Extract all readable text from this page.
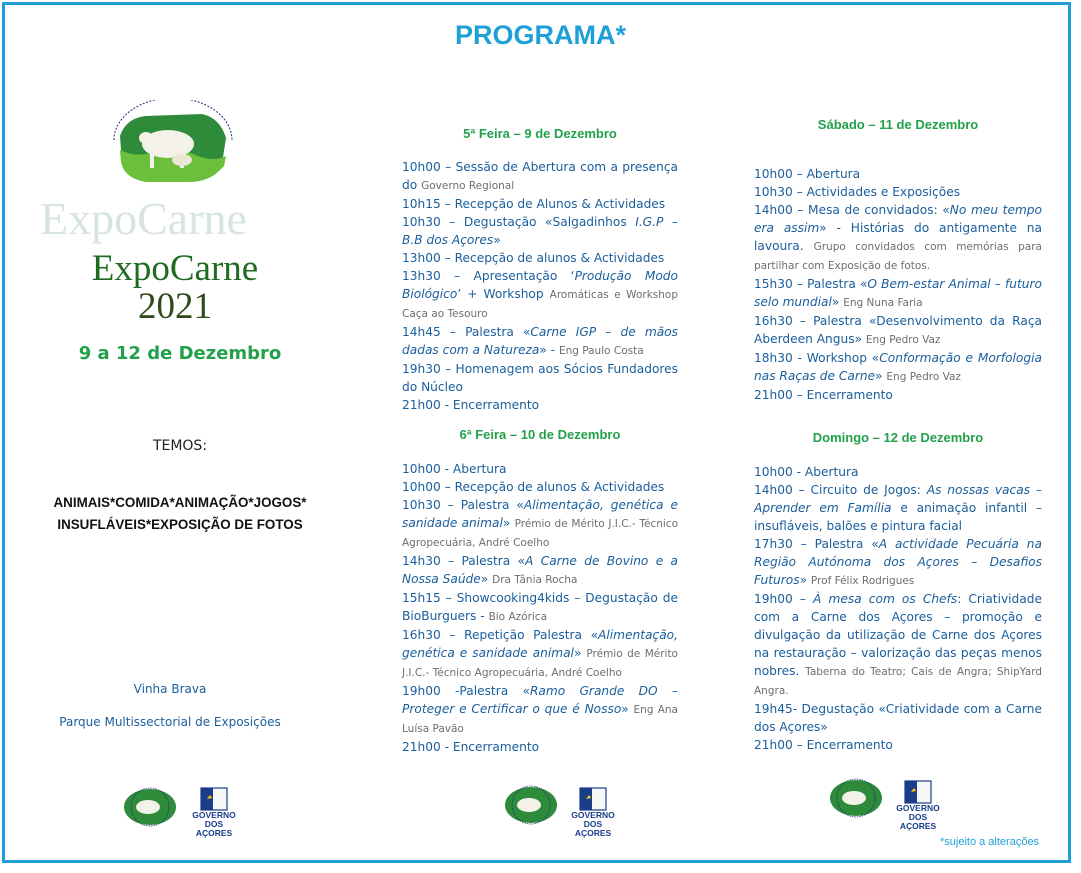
PROGRAMA*
ExpoCarne
ExpoCarne
2021
9 a 12 de Dezembro
TEMOS:
ANIMAIS*COMIDA*ANIMAÇÃO*JOGOS*
INSUFLÁVEIS*EXPOSIÇÃO DE FOTOS
Vinha Brava
Parque Multissectorial de Exposições
5ª Feira – 9 de Dezembro
10h00 – Sessão de Abertura com a presença do Governo Regional
10h15 – Recepção de Alunos & Actividades
10h30 – Degustação «Salgadinhos I.G.P – B.B dos Açores»
13h00 – Recepção de alunos & Actividades
13h30 – Apresentação ‘Produção Modo Biológico’ + Workshop Aromáticas e Workshop Caça ao Tesouro
14h45 – Palestra «Carne IGP – de mãos dadas com a Natureza» - Eng Paulo Costa
19h30 – Homenagem aos Sócios Fundadores do Núcleo
21h00 - Encerramento
6ª Feira – 10 de Dezembro
10h00 - Abertura
10h00 – Recepção de alunos & Actividades
10h30 – Palestra «Alimentação, genética e sanidade animal» Prémio de Mérito J.I.C.- Técnico Agropecuária, André Coelho
14h30 – Palestra «A Carne de Bovino e a Nossa Saúde» Dra Tânia Rocha
15h15 – Showcooking4kids – Degustação de BioBurguers - Bio Azórica
16h30 – Repetição Palestra «Alimentação, genética e sanidade animal» Prémio de Mérito J.I.C.- Técnico Agropecuária, André Coelho
19h00 -Palestra «Ramo Grande DO – Proteger e Certificar o que é Nosso» Eng Ana Luísa Pavão
21h00 - Encerramento
Sábado – 11 de Dezembro
10h00 – Abertura
10h30 – Actividades e Exposições
14h00 – Mesa de convidados: «No meu tempo era assim» - Histórias do antigamente na lavoura. Grupo convidados com memórias para partilhar com Exposição de fotos.
15h30 – Palestra «O Bem-estar Animal – futuro selo mundial» Eng Nuna Faria
16h30 – Palestra «Desenvolvimento da Raça Aberdeen Angus» Eng Pedro Vaz
18h30 - Workshop «Conformação e Morfologia nas Raças de Carne» Eng Pedro Vaz
21h00 – Encerramento
Domingo – 12 de Dezembro
10h00 - Abertura
14h00 – Circuito de Jogos: As nossas vacas – Aprender em Família e animação infantil – insufláveis, balões e pintura facial
17h30 – Palestra «A actividade Pecuária na Região Autónoma dos Açores – Desafios Futuros» Prof Félix Rodrigues
19h00 – À mesa com os Chefs: Criatividade com a Carne dos Açores – promoção e divulgação da utilização de Carne dos Açores na restauração – valorização das peças menos nobres. Taberna do Teatro; Cais de Angra; ShipYard Angra.
19h45- Degustação «Criatividade com a Carne dos Açores»
21h00 – Encerramento
GOVERNO
DOS AÇORES
GOVERNO
DOS AÇORES
GOVERNO
DOS AÇORES
*sujeito a alterações
